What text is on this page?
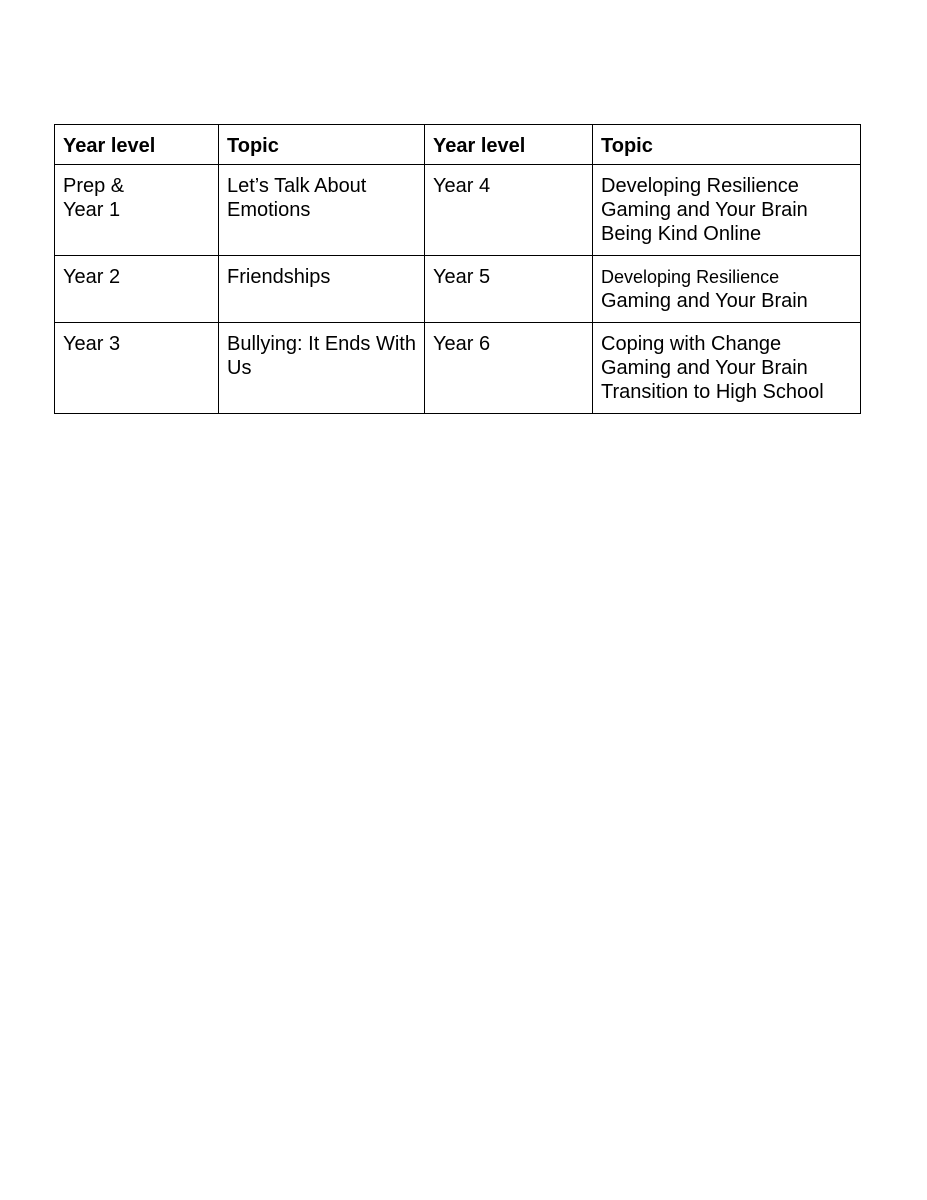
Year level	Topic	Year level	Topic

Prep &
Year 1	Let’s Talk About Emotions	Year 4	Developing Resilience
Gaming and Your Brain
Being Kind Online

Year 2	Friendships	Year 5	Developing Resilience
Gaming and Your Brain

Year 3	Bullying: It Ends With Us	Year 6	Coping with Change
Gaming and Your Brain
Transition to High School
